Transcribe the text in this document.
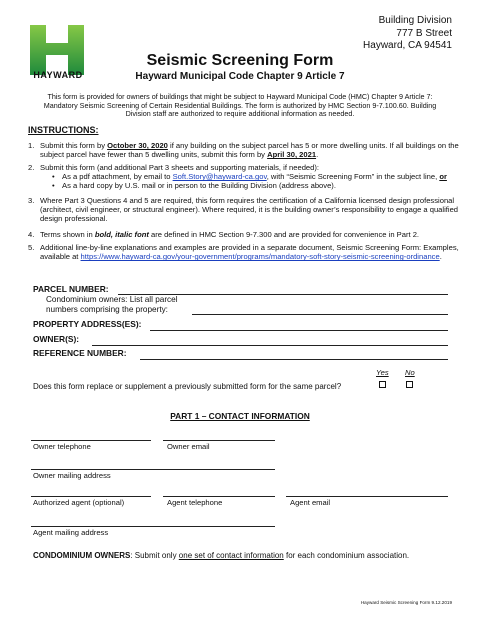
HAYWARD
Building Division
777 B Street
Hayward, CA 94541
Seismic Screening Form
Hayward Municipal Code Chapter 9 Article 7
This form is provided for owners of buildings that might be subject to Hayward Municipal Code (HMC) Chapter 9 Article 7: Mandatory Seismic Screening of Certain Residential Buildings. The form is authorized by HMC Section 9-7.100.60. Building Division staff are authorized to require additional information as needed.
INSTRUCTIONS:
1. Submit this form by October 30, 2020 if any building on the subject parcel has 5 or more dwelling units. If all buildings on the subject parcel have fewer than 5 dwelling units, submit this form by April 30, 2021.
2. Submit this form (and additional Part 3 sheets and supporting materials, if needed):
• As a pdf attachment, by email to Soft.Story@hayward-ca.gov, with “Seismic Screening Form” in the subject line, or
• As a hard copy by U.S. mail or in person to the Building Division (address above).
3. Where Part 3 Questions 4 and 5 are required, this form requires the certification of a California licensed design professional (architect, civil engineer, or structural engineer). Where required, it is the building owner’s responsibility to engage a qualified design professional.
4. Terms shown in bold, italic font are defined in HMC Section 9-7.300 and are provided for convenience in Part 2.
5. Additional line-by-line explanations and examples are provided in a separate document, Seismic Screening Form: Examples, available at https://www.hayward-ca.gov/your-government/programs/mandatory-soft-story-seismic-screening-ordinance.
PARCEL NUMBER:
Condominium owners: List all parcel
numbers comprising the property:
PROPERTY ADDRESS(ES):
OWNER(S):
REFERENCE NUMBER:
Yes No
Does this form replace or supplement a previously submitted form for the same parcel?
PART 1 – CONTACT INFORMATION
Owner telephone	Owner email
Owner mailing address
Authorized agent (optional)	Agent telephone	Agent email
Agent mailing address
CONDOMINIUM OWNERS: Submit only one set of contact information for each condominium association.
Hayward Seismic Screening Form 9.12.2019
